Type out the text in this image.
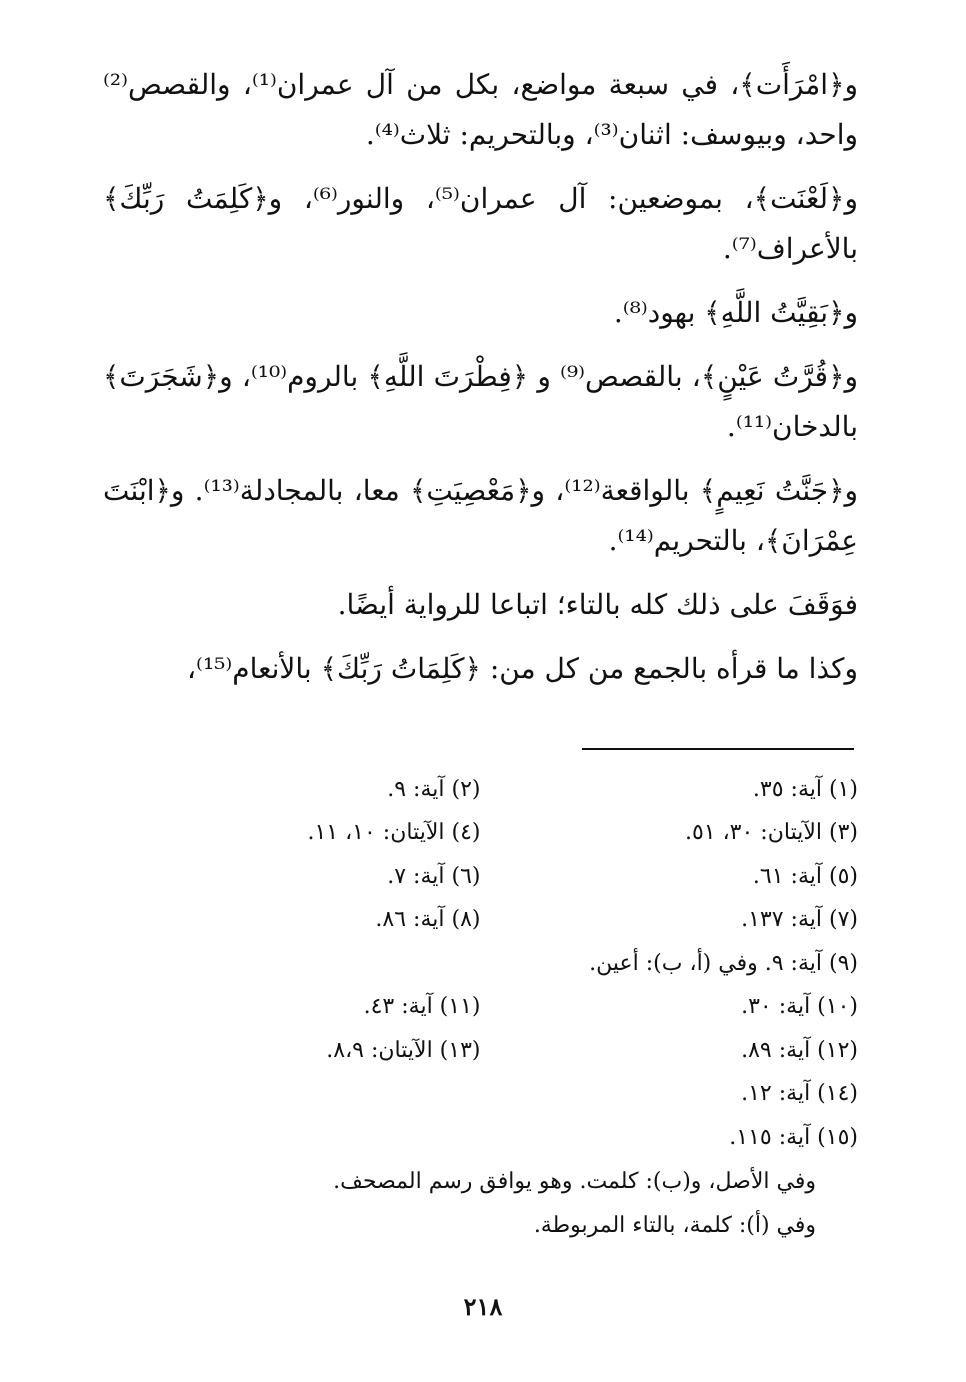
و﴿امْرَأَت﴾، في سبعة مواضع، بكل من آل عمران⁽¹⁾، والقصص⁽²⁾ واحد، وبيوسف: اثنان⁽³⁾، وبالتحريم: ثلاث⁽⁴⁾.

و﴿لَعْنَت﴾، بموضعين: آل عمران⁽⁵⁾، والنور⁽⁶⁾، و﴿كَلِمَتُ رَبِّكَ﴾ بالأعراف⁽⁷⁾.

و﴿بَقِيَّتُ اللَّهِ﴾ بهود⁽⁸⁾.

و﴿قُرَّتُ عَيْنٍ﴾، بالقصص⁽⁹⁾ و ﴿فِطْرَتَ اللَّهِ﴾ بالروم⁽¹⁰⁾، و﴿شَجَرَتَ﴾ بالدخان⁽¹¹⁾.

و﴿جَنَّتُ نَعِيمٍ﴾ بالواقعة⁽¹²⁾، و﴿مَعْصِيَتِ﴾ معا، بالمجادلة⁽¹³⁾. و﴿ابْنَتَ عِمْرَانَ﴾، بالتحريم⁽¹⁴⁾.

فوَقَفَ على ذلك كله بالتاء؛ اتباعا للرواية أيضًا.

وكذا ما قرأه بالجمع من كل من: ﴿كَلِمَاتُ رَبِّكَ﴾ بالأنعام⁽¹⁵⁾،

(١) آية: ٣٥.
(٢) آية: ٩.
(٣) الآيتان: ٣٠، ٥١.
(٤) الآيتان: ١٠، ١١.
(٥) آية: ٦١.
(٦) آية: ٧.
(٧) آية: ١٣٧.
(٨) آية: ٨٦.
(٩) آية: ٩. وفي (أ، ب): أعين.
(١٠) آية: ٣٠.
(١١) آية: ٤٣.
(١٢) آية: ٨٩.
(١٣) الآيتان: ٨،٩.
(١٤) آية: ١٢.
(١٥) آية: ١١٥.
وفي الأصل، و(ب): كلمت. وهو يوافق رسم المصحف.
وفي (أ): كلمة، بالتاء المربوطة.
٢١٨
